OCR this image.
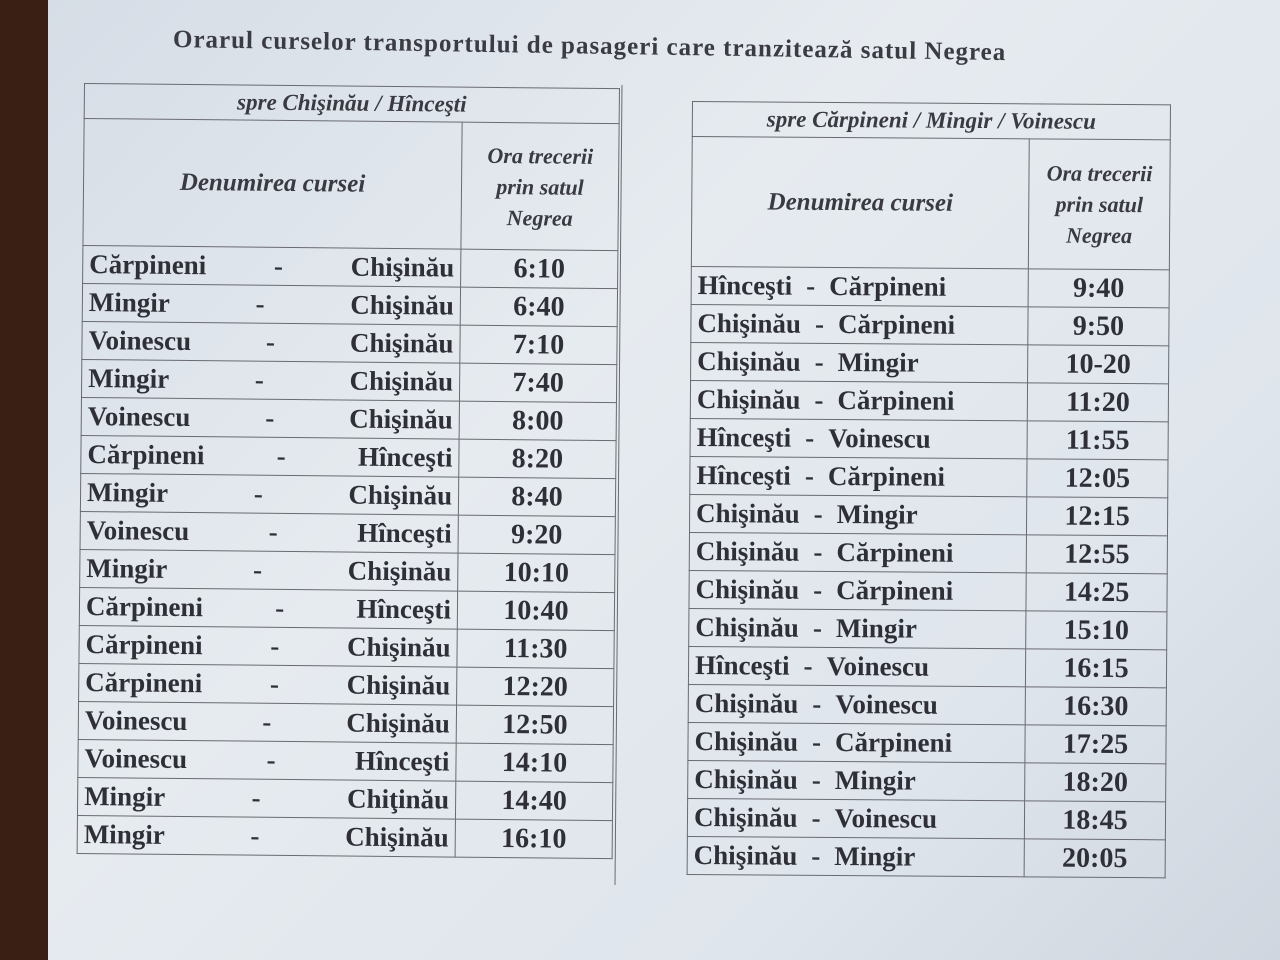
Orarul curselor transportului de pasageri care tranzitează satul Negrea
spre Chişinău / Hînceşti	
Denumirea cursei	Ora trecerii prin satul Negrea

Cărpineni - Chişinău	6:10

Mingir - Chişinău	6:40

Voinescu - Chişinău	7:10

Mingir - Chişinău	7:40

Voinescu - Chişinău	8:00

Cărpineni - Hînceşti	8:20

Mingir - Chişinău	8:40

Voinescu - Hînceşti	9:20

Mingir - Chişinău	10:10

Cărpineni - Hînceşti	10:40

Cărpineni - Chişinău	11:30

Cărpineni - Chişinău	12:20

Voinescu - Chişinău	12:50

Voinescu - Hînceşti	14:10

Mingir - Chiţinău	14:40

Mingir - Chişinău	16:10
spre Cărpineni / Mingir / Voinescu	
Denumirea cursei	Ora trecerii prin satul Negrea

Hînceşti - Cărpineni	9:40

Chişinău - Cărpineni	9:50

Chişinău - Mingir	10-20

Chişinău - Cărpineni	11:20

Hînceşti - Voinescu	11:55

Hînceşti - Cărpineni	12:05

Chişinău - Mingir	12:15

Chişinău - Cărpineni	12:55

Chişinău - Cărpineni	14:25

Chişinău - Mingir	15:10

Hînceşti - Voinescu	16:15

Chişinău - Voinescu	16:30

Chişinău - Cărpineni	17:25

Chişinău - Mingir	18:20

Chişinău - Voinescu	18:45

Chişinău - Mingir	20:05
